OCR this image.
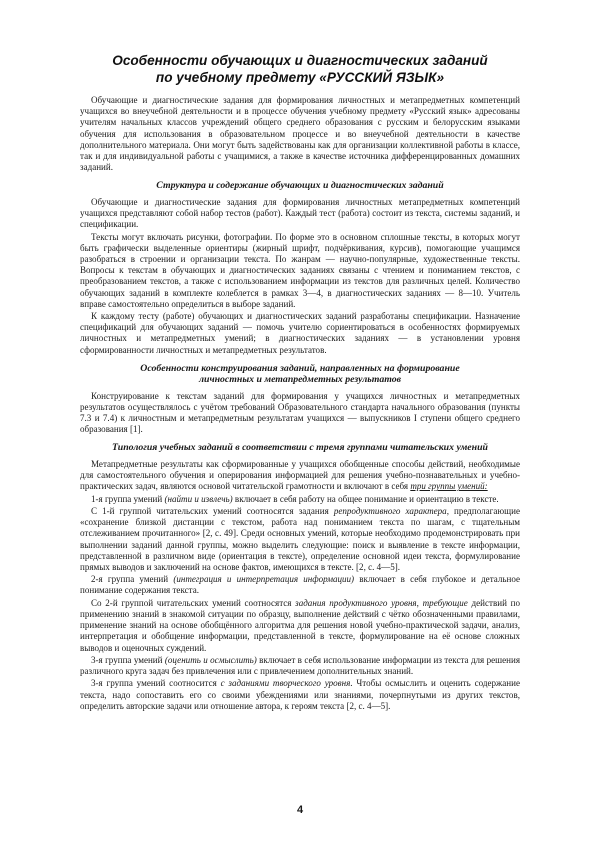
Особенности обучающих и диагностических заданий
по учебному предмету «РУССКИЙ ЯЗЫК»

Обучающие и диагностические задания для формирования личностных и метапредметных компетенций учащихся во внеучебной деятельности и в процессе обучения учебному предмету «Русский язык» адресованы учителям начальных классов учреждений общего среднего образования с русским и белорусским языками обучения для использования в образовательном процессе и во внеучебной деятельности в качестве дополнительного материала. Они могут быть задействованы как для организации коллективной работы в классе, так и для индивидуальной работы с учащимися, а также в качестве источника дифференцированных домашних заданий.

Структура и содержание обучающих и диагностических заданий

Обучающие и диагностические задания для формирования личностных метапредметных компетенций учащихся представляют собой набор тестов (работ). Каждый тест (работа) состоит из текста, системы заданий, и спецификации.

Тексты могут включать рисунки, фотографии. По форме это в основном сплошные тексты, в которых могут быть графически выделенные ориентиры (жирный шрифт, подчёркивания, курсив), помогающие учащимся разобраться в строении и организации текста. По жанрам — научно-популярные, художественные тексты. Вопросы к текстам в обучающих и диагностических заданиях связаны с чтением и пониманием текстов, с преобразованием текстов, а также с использованием информации из текстов для различных целей. Количество обучающих заданий в комплекте колеблется в рамках 3—4, в диагностических заданиях — 8—10. Учитель вправе самостоятельно определиться в выборе заданий.

К каждому тесту (работе) обучающих и диагностических заданий разработаны спецификации. Назначение спецификаций для обучающих заданий — помочь учителю сориентироваться в особенностях формируемых личностных и метапредметных умений; в диагностических заданиях — в установлении уровня сформированности личностных и метапредметных результатов.

Особенности конструирования заданий, направленных на формирование
личностных и метапредметных результатов

Конструирование к текстам заданий для формирования у учащихся личностных и метапредметных результатов осуществлялось с учётом требований Образовательного стандарта начального образования (пункты 7.3 и 7.4) к личностным и метапредметным результатам учащихся — выпускников I ступени общего среднего образования [1].

Типология учебных заданий в соответствии с тремя группами читательских умений

Метапредметные результаты как сформированные у учащихся обобщенные способы действий, необходимые для самостоятельного обучения и оперирования информацией для решения учебно-познавательных и учебно-практических задач, являются основой читательской грамотности и включают в себя три группы умений:

1-я группа умений (найти и извлечь) включает в себя работу на общее понимание и ориентацию в тексте.

С 1-й группой читательских умений соотносятся задания репродуктивного характера, предполагающие «сохранение близкой дистанции с текстом, работа над пониманием текста по шагам, с тщательным отслеживанием прочитанного» [2, с. 49]. Среди основных умений, которые необходимо продемонстрировать при выполнении заданий данной группы, можно выделить следующие: поиск и выявление в тексте информации, представленной в различном виде (ориентация в тексте), определение основной идеи текста, формулирование прямых выводов и заключений на основе фактов, имеющихся в тексте. [2, с. 4—5].

2-я группа умений (интеграция и интерпретация информации) включает в себя глубокое и детальное понимание содержания текста.

Со 2-й группой читательских умений соотносятся задания продуктивного уровня, требующие действий по применению знаний в знакомой ситуации по образцу, выполнение действий с чётко обозначенными правилами, применение знаний на основе обобщённого алгоритма для решения новой учебно-практической задачи, анализ, интерпретация и обобщение информации, представленной в тексте, формулирование на её основе сложных выводов и оценочных суждений.

3-я группа умений (оценить и осмыслить) включает в себя использование информации из текста для решения различного круга задач без привлечения или с привлечением дополнительных знаний.

3-я группа умений соотносится с заданиями творческого уровня. Чтобы осмыслить и оценить содержание текста, надо сопоставить его со своими убеждениями или знаниями, почерпнутыми из других текстов, определить авторские задачи или отношение автора, к героям текста [2, с. 4—5].

4
